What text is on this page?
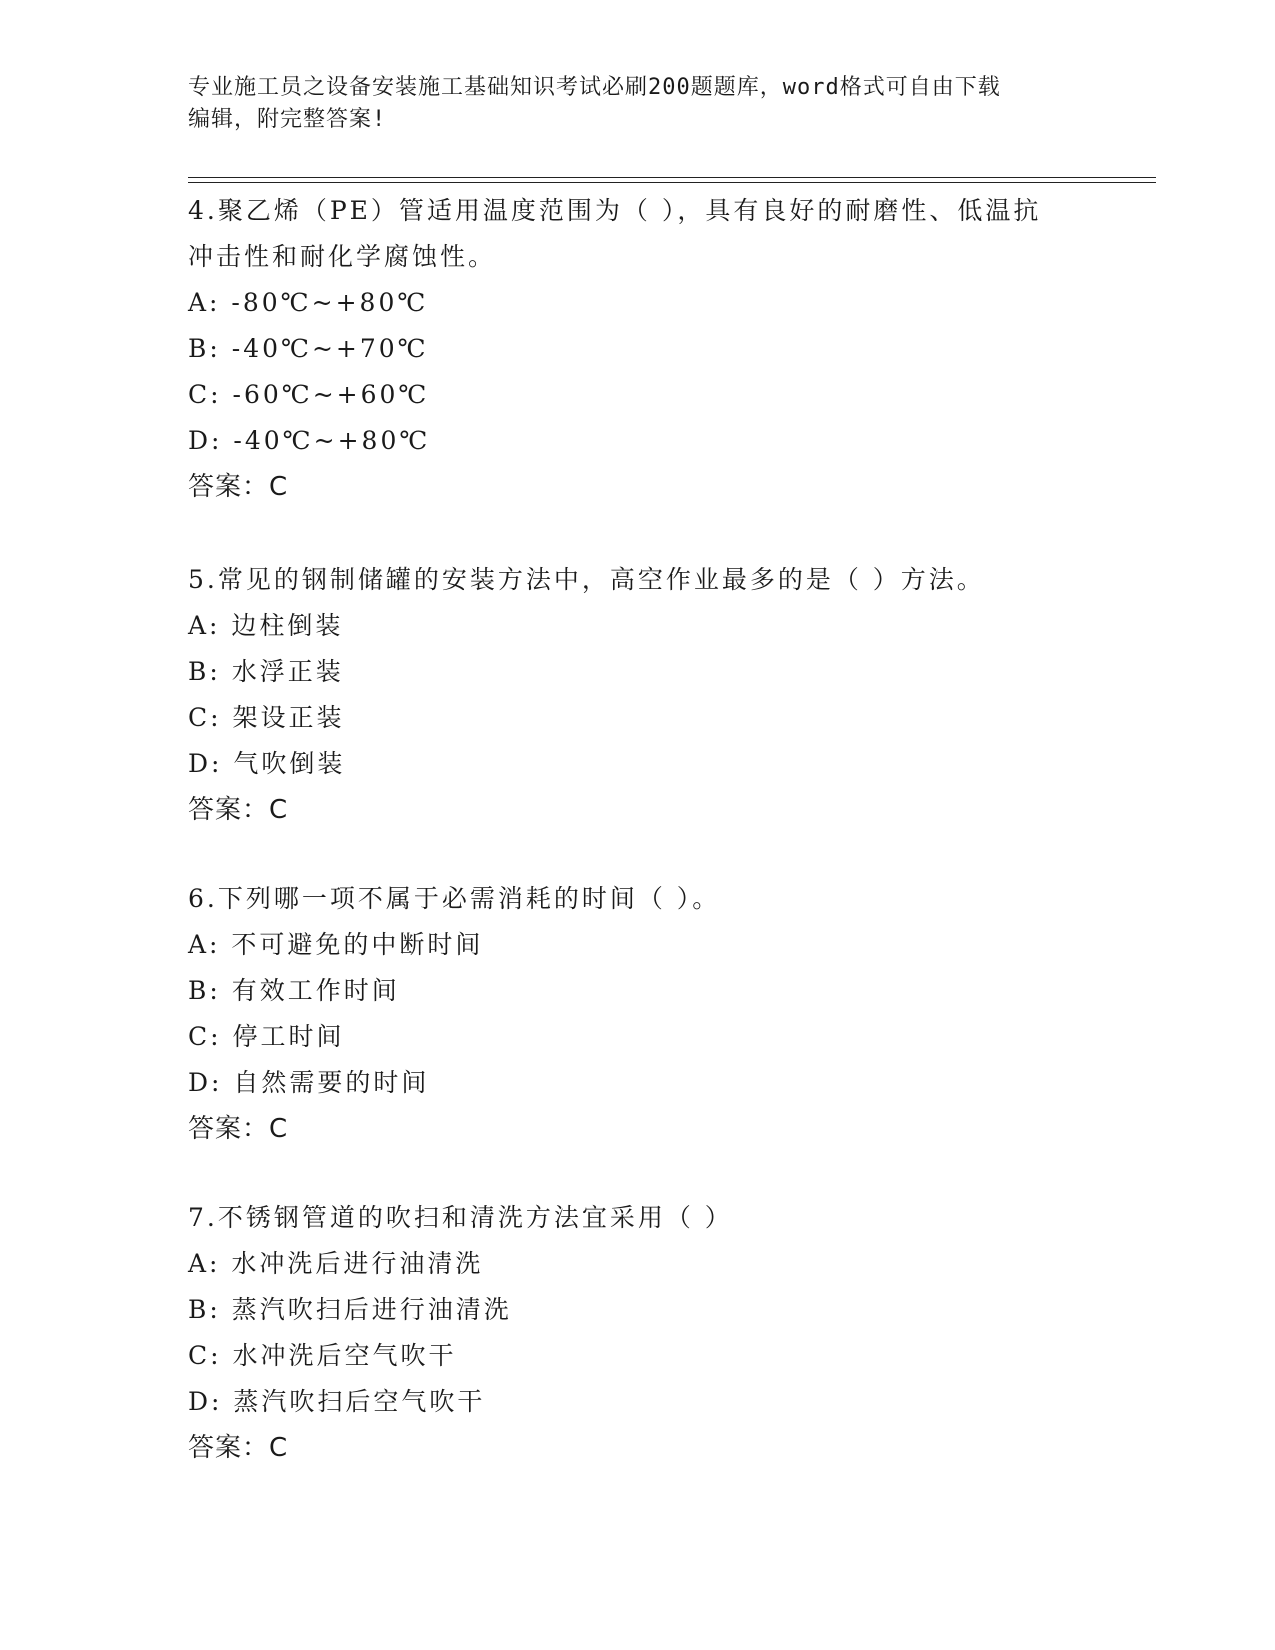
专业施工员之设备安装施工基础知识考试必刷200题题库，word格式可自由下载
编辑，附完整答案!
4.聚乙烯（PE）管适用温度范围为（ ），具有良好的耐磨性、低温抗
冲击性和耐化学腐蚀性。
A: -80℃~+80℃
B: -40℃~+70℃
C: -60℃~+60℃
D: -40℃~+80℃
答案：C
5.常见的钢制储罐的安装方法中，高空作业最多的是（ ）方法。
A: 边柱倒装
B: 水浮正装
C: 架设正装
D: 气吹倒装
答案：C
6.下列哪一项不属于必需消耗的时间（ ）。
A: 不可避免的中断时间
B: 有效工作时间
C: 停工时间
D: 自然需要的时间
答案：C
7.不锈钢管道的吹扫和清洗方法宜采用（ ）
A: 水冲洗后进行油清洗
B: 蒸汽吹扫后进行油清洗
C: 水冲洗后空气吹干
D: 蒸汽吹扫后空气吹干
答案：C
